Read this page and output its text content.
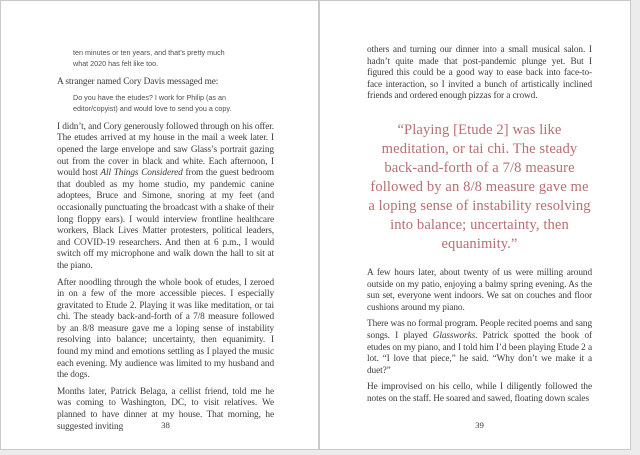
ten minutes or ten years, and that’s pretty much what 2020 has felt like too.

A stranger named Cory Davis messaged me:

Do you have the etudes? I work for Philip (as an editor/copyist) and would love to send you a copy.

I didn’t, and Cory generously followed through on his offer. The etudes arrived at my house in the mail a week later. I opened the large envelope and saw Glass’s portrait gazing out from the cover in black and white. Each afternoon, I would host All Things Considered from the guest bedroom that doubled as my home studio, my pandemic canine adoptees, Bruce and Simone, snoring at my feet (and occasionally punctuating the broadcast with a shake of their long floppy ears). I would interview frontline healthcare workers, Black Lives Matter protesters, political leaders, and COVID-19 researchers. And then at 6 p.m., I would switch off my microphone and walk down the hall to sit at the piano.

After noodling through the whole book of etudes, I zeroed in on a few of the more accessible pieces. I especially gravitated to Etude 2. Playing it was like meditation, or tai chi. The steady back-and-forth of a 7/8 measure followed by an 8/8 measure gave me a loping sense of instability resolving into balance; uncertainty, then equanimity. I found my mind and emotions settling as I played the music each evening. My audience was limited to my husband and the dogs.

Months later, Patrick Belaga, a cellist friend, told me he was coming to Washington, DC, to visit relatives. We planned to have dinner at my house. That morning, he suggested inviting	38

others and turning our dinner into a small musical salon. I hadn’t quite made that post-pandemic plunge yet. But I figured this could be a good way to ease back into face-to-face interaction, so I invited a bunch of artistically inclined friends and ordered enough pizzas for a crowd.

“Playing [Etude 2] was like meditation, or tai chi. The steady back-and-forth of a 7/8 measure followed by an 8/8 measure gave me a loping sense of instability resolving into balance; uncertainty, then equanimity.”

A few hours later, about twenty of us were milling around outside on my patio, enjoying a balmy spring evening. As the sun set, everyone went indoors. We sat on couches and floor cushions around my piano.

There was no formal program. People recited poems and sang songs. I played Glassworks. Patrick spotted the book of etudes on my piano, and I told him I’d been playing Etude 2 a lot. “I love that piece,” he said. “Why don’t we make it a duet?”

He improvised on his cello, while I diligently followed the notes on the staff. He soared and sawed, floating down scales

39
